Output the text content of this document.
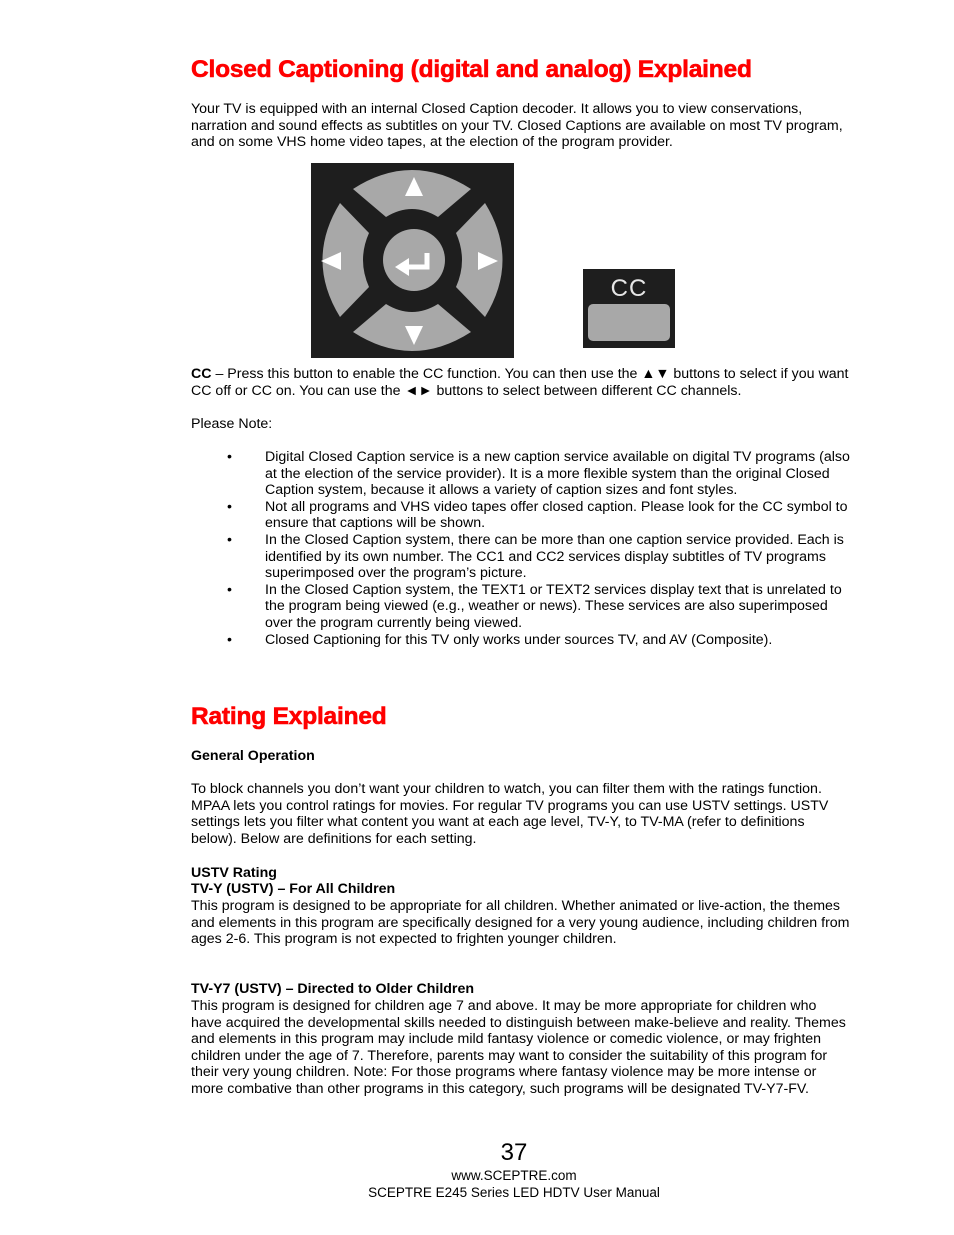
Closed Captioning (digital and analog) Explained

Your TV is equipped with an internal Closed Caption decoder. It allows you to view conservations, narration and sound effects as subtitles on your TV. Closed Captions are available on most TV program, and on some VHS home video tapes, at the election of the program provider.

CC

CC – Press this button to enable the CC function. You can then use the ▲▼ buttons to select if you want CC off or CC on. You can use the ◄► buttons to select between different CC channels.

Please Note:

• Digital Closed Caption service is a new caption service available on digital TV programs (also at the election of the service provider). It is a more flexible system than the original Closed Caption system, because it allows a variety of caption sizes and font styles.
• Not all programs and VHS video tapes offer closed caption. Please look for the CC symbol to ensure that captions will be shown.
• In the Closed Caption system, there can be more than one caption service provided. Each is identified by its own number. The CC1 and CC2 services display subtitles of TV programs superimposed over the program’s picture.
• In the Closed Caption system, the TEXT1 or TEXT2 services display text that is unrelated to the program being viewed (e.g., weather or news). These services are also superimposed over the program currently being viewed.
• Closed Captioning for this TV only works under sources TV, and AV (Composite).
Rating Explained

General Operation

To block channels you don’t want your children to watch, you can filter them with the ratings function. MPAA lets you control ratings for movies. For regular TV programs you can use USTV settings. USTV settings lets you filter what content you want at each age level, TV-Y, to TV-MA (refer to definitions below). Below are definitions for each setting.

USTV Rating

TV-Y (USTV) – For All Children

This program is designed to be appropriate for all children. Whether animated or live-action, the themes and elements in this program are specifically designed for a very young audience, including children from ages 2-6. This program is not expected to frighten younger children.

TV-Y7 (USTV) – Directed to Older Children

This program is designed for children age 7 and above. It may be more appropriate for children who have acquired the developmental skills needed to distinguish between make-believe and reality. Themes and elements in this program may include mild fantasy violence or comedic violence, or may frighten children under the age of 7. Therefore, parents may want to consider the suitability of this program for their very young children. Note: For those programs where fantasy violence may be more intense or more combative than other programs in this category, such programs will be designated TV-Y7-FV.

37

www.SCEPTRE.com

SCEPTRE E245 Series LED HDTV User Manual
